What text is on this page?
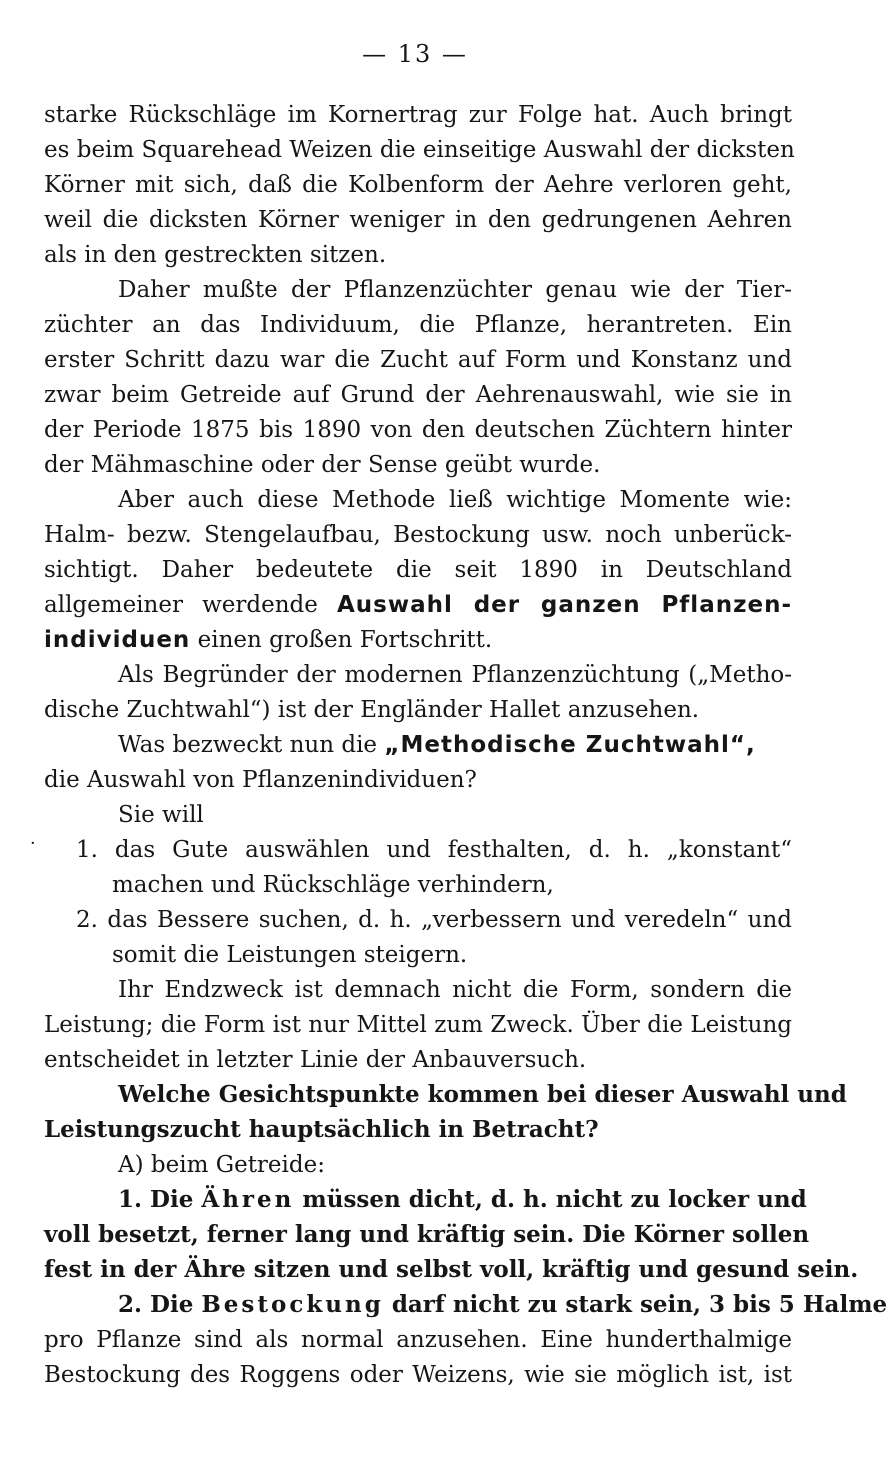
— 13 —
starke Rückschläge im Kornertrag zur Folge hat. Auch bringt
es beim Squarehead Weizen die einseitige Auswahl der dicksten
Körner mit sich, daß die Kolbenform der Aehre verloren geht,
weil die dicksten Körner weniger in den gedrungenen Aehren
als in den gestreckten sitzen.
Daher mußte der Pflanzenzüchter genau wie der Tier-
züchter an das Individuum, die Pflanze, herantreten. Ein
erster Schritt dazu war die Zucht auf Form und Konstanz und
zwar beim Getreide auf Grund der Aehrenauswahl, wie sie in
der Periode 1875 bis 1890 von den deutschen Züchtern hinter
der Mähmaschine oder der Sense geübt wurde.
Aber auch diese Methode ließ wichtige Momente wie:
Halm- bezw. Stengelaufbau, Bestockung usw. noch unberück-
sichtigt. Daher bedeutete die seit 1890 in Deutschland
allgemeiner werdende Auswahl der ganzen Pflanzen-
individuen einen großen Fortschritt.
Als Begründer der modernen Pflanzenzüchtung („Metho-
dische Zuchtwahl“) ist der Engländer Hallet anzusehen.
Was bezweckt nun die „Methodische Zuchtwahl“,
die Auswahl von Pflanzenindividuen?
Sie will
· 1. das Gute auswählen und festhalten, d. h. „konstant“
machen und Rückschläge verhindern,
2. das Bessere suchen, d. h. „verbessern und veredeln“ und
somit die Leistungen steigern.
Ihr Endzweck ist demnach nicht die Form, sondern die
Leistung; die Form ist nur Mittel zum Zweck. Über die Leistung
entscheidet in letzter Linie der Anbauversuch.
Welche Gesichtspunkte kommen bei dieser Auswahl und
Leistungszucht hauptsächlich in Betracht?
A) beim Getreide:
1. Die Ähren müssen dicht, d. h. nicht zu locker und
voll besetzt, ferner lang und kräftig sein. Die Körner sollen
fest in der Ähre sitzen und selbst voll, kräftig und gesund sein.
2. Die Bestockung darf nicht zu stark sein, 3 bis 5 Halme
pro Pflanze sind als normal anzusehen. Eine hunderthalmige
Bestockung des Roggens oder Weizens, wie sie möglich ist, ist
